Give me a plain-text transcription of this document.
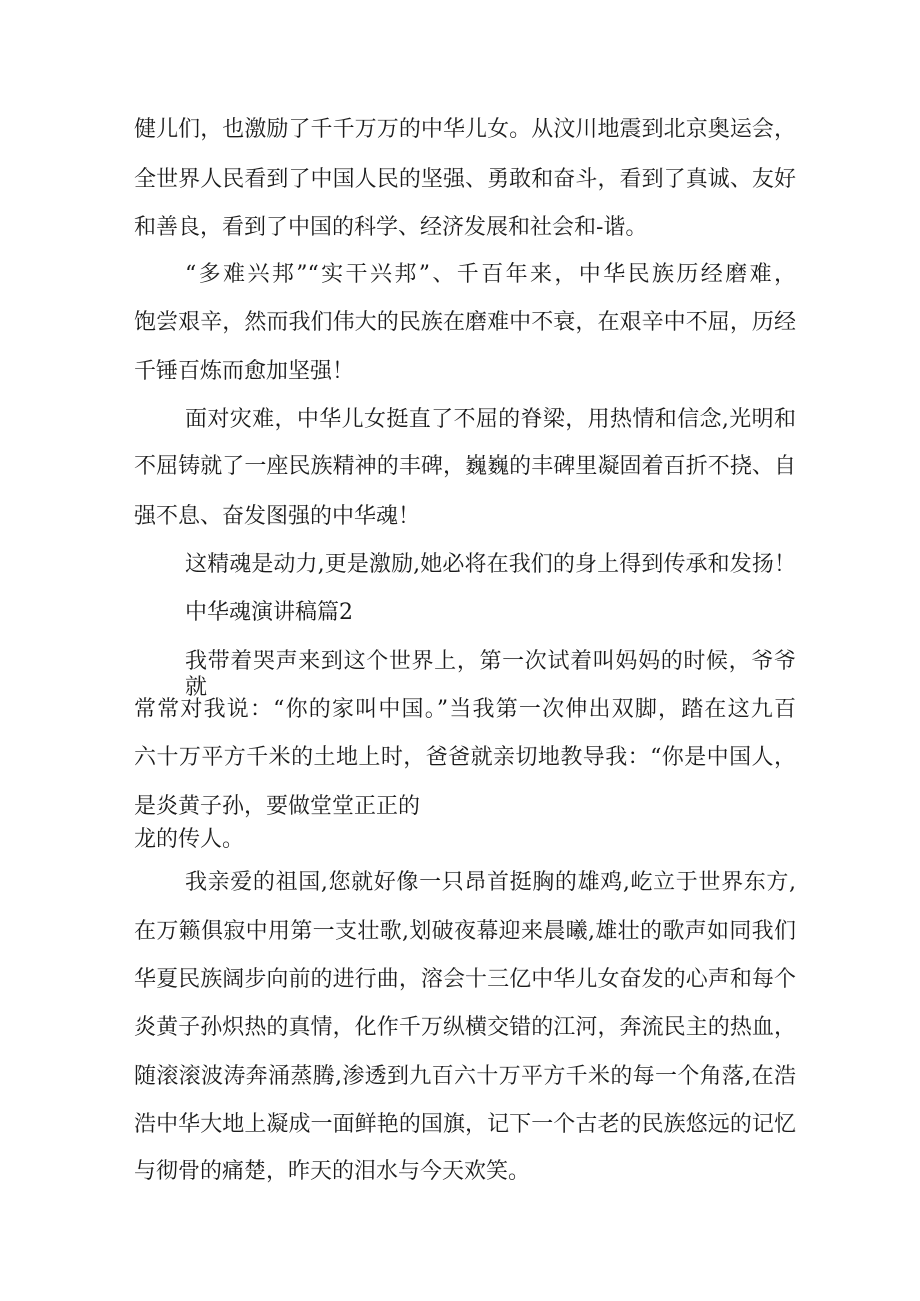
健儿们，也激励了千千万万的中华儿女。从汶川地震到北京奥运会，
全世界人民看到了中国人民的坚强、勇敢和奋斗，看到了真诚、友好
和善良，看到了中国的科学、经济发展和社会和-谐。
“多难兴邦”“实干兴邦”、千百年来，中华民族历经磨难，
饱尝艰辛，然而我们伟大的民族在磨难中不衰，在艰辛中不屈，历经
千锤百炼而愈加坚强！
面对灾难，中华儿女挺直了不屈的脊梁，用热情和信念,光明和
不屈铸就了一座民族精神的丰碑，巍巍的丰碑里凝固着百折不挠、自
强不息、奋发图强的中华魂！
这精魂是动力,更是激励,她必将在我们的身上得到传承和发扬！
中华魂演讲稿篇2
我带着哭声来到这个世界上，第一次试着叫妈妈的时候，爷爷就
常常对我说：“你的家叫中国。”当我第一次伸出双脚，踏在这九百
六十万平方千米的土地上时，爸爸就亲切地教导我：“你是中国人，
是炎黄子孙，要做堂堂正正的
龙的传人。
我亲爱的祖国,您就好像一只昂首挺胸的雄鸡,屹立于世界东方,
在万籁俱寂中用第一支壮歌,划破夜幕迎来晨曦,雄壮的歌声如同我们
华夏民族阔步向前的进行曲，溶会十三亿中华儿女奋发的心声和每个
炎黄子孙炽热的真情，化作千万纵横交错的江河，奔流民主的热血，
随滚滚波涛奔涌蒸腾,渗透到九百六十万平方千米的每一个角落,在浩
浩中华大地上凝成一面鲜艳的国旗，记下一个古老的民族悠远的记忆
与彻骨的痛楚，昨天的泪水与今天欢笑。
